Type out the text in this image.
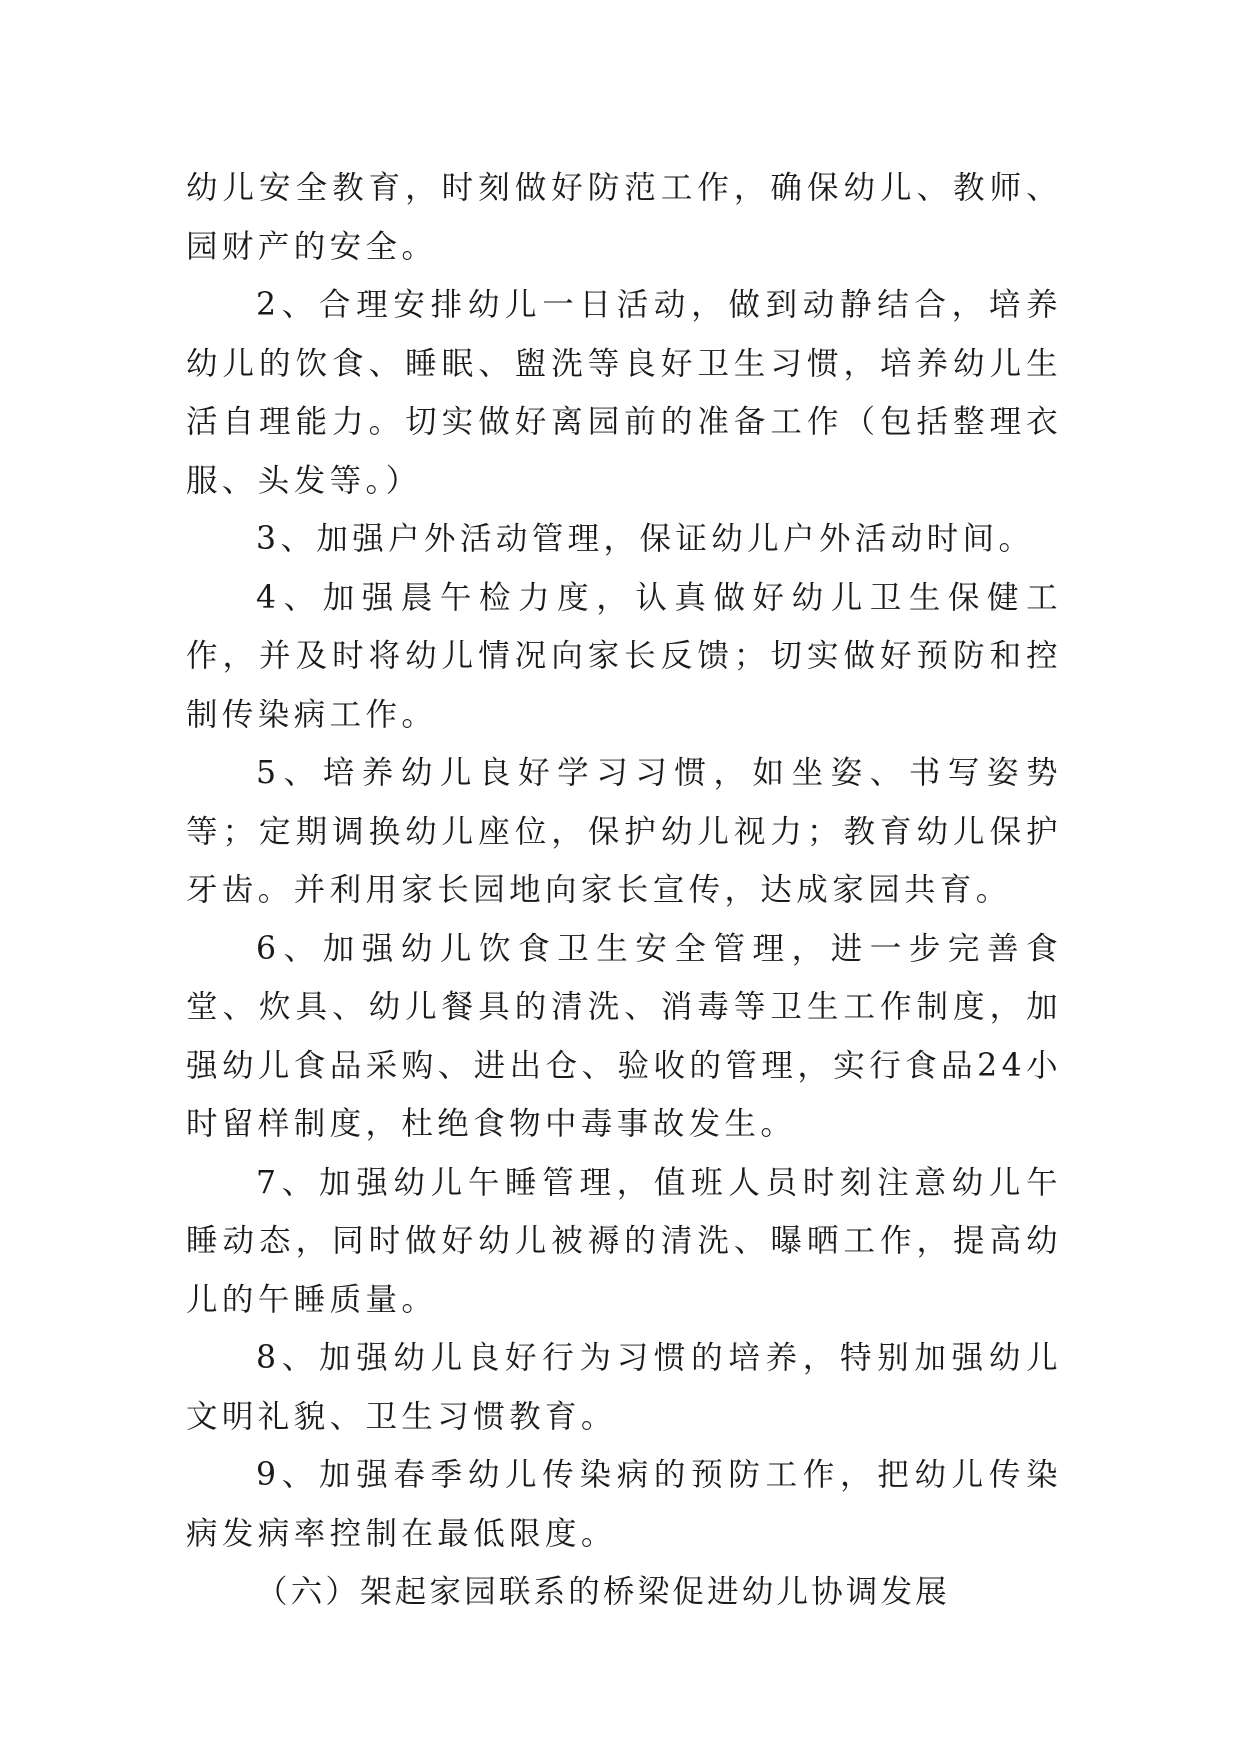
幼儿安全教育，时刻做好防范工作，确保幼儿、教师、园财产的安全。

2、合理安排幼儿一日活动，做到动静结合，培养幼儿的饮食、睡眠、盥洗等良好卫生习惯，培养幼儿生活自理能力。切实做好离园前的准备工作（包括整理衣服、头发等。）

3、加强户外活动管理，保证幼儿户外活动时间。

4、加强晨午检力度，认真做好幼儿卫生保健工作，并及时将幼儿情况向家长反馈；切实做好预防和控制传染病工作。

5、培养幼儿良好学习习惯，如坐姿、书写姿势等；定期调换幼儿座位，保护幼儿视力；教育幼儿保护牙齿。并利用家长园地向家长宣传，达成家园共育。

6、加强幼儿饮食卫生安全管理，进一步完善食堂、炊具、幼儿餐具的清洗、消毒等卫生工作制度，加强幼儿食品采购、进出仓、验收的管理，实行食品24小时留样制度，杜绝食物中毒事故发生。

7、加强幼儿午睡管理，值班人员时刻注意幼儿午睡动态，同时做好幼儿被褥的清洗、曝晒工作，提高幼儿的午睡质量。

8、加强幼儿良好行为习惯的培养，特别加强幼儿文明礼貌、卫生习惯教育。

9、加强春季幼儿传染病的预防工作，把幼儿传染病发病率控制在最低限度。

（六）架起家园联系的桥梁促进幼儿协调发展
